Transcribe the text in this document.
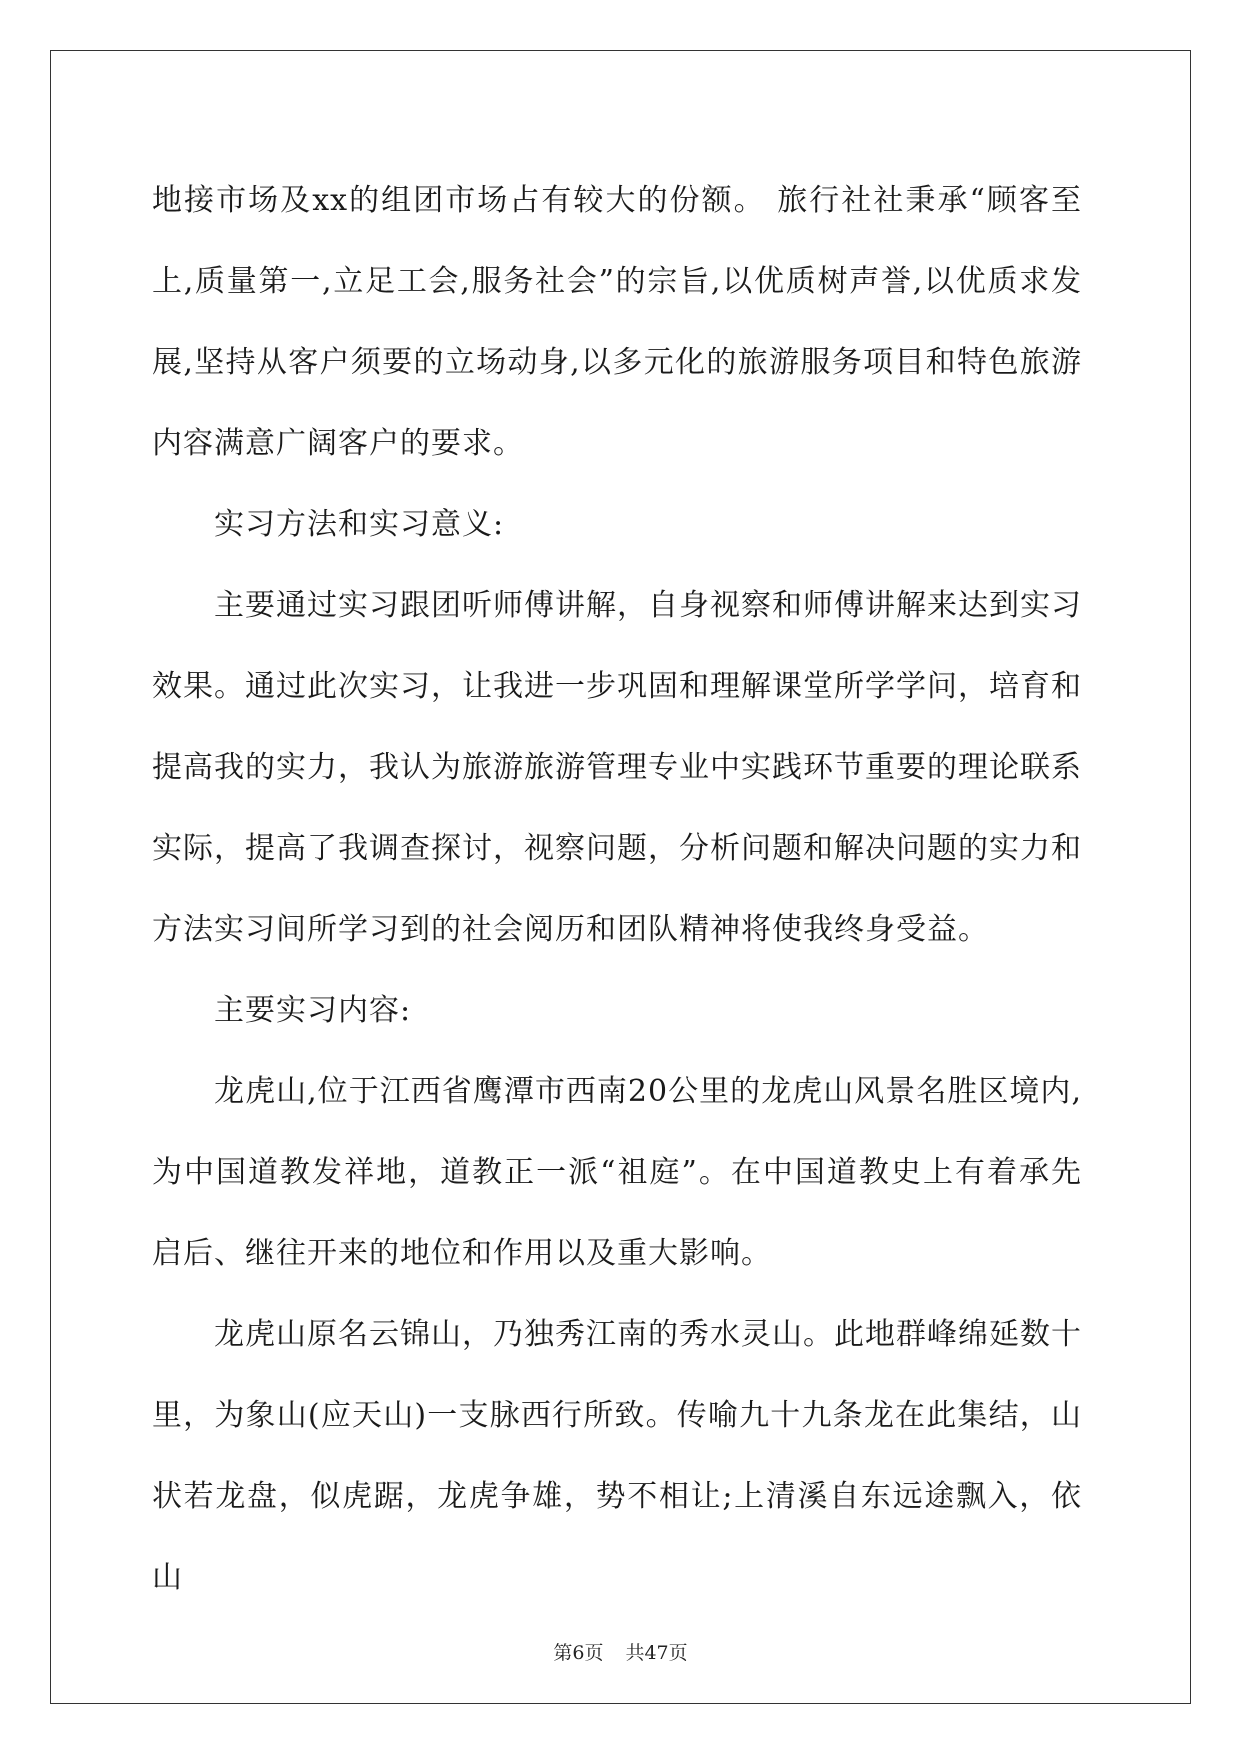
地接市场及xx的组团市场占有较大的份额。 旅行社社秉承“顾客至上,质量第一,立足工会,服务社会”的宗旨,以优质树声誉,以优质求发展,坚持从客户须要的立场动身,以多元化的旅游服务项目和特色旅游内容满意广阔客户的要求。

　　实习方法和实习意义:

　　主要通过实习跟团听师傅讲解，自身视察和师傅讲解来达到实习效果。通过此次实习，让我进一步巩固和理解课堂所学学问，培育和提高我的实力，我认为旅游旅游管理专业中实践环节重要的理论联系实际，提高了我调查探讨，视察问题，分析问题和解决问题的实力和方法实习间所学习到的社会阅历和团队精神将使我终身受益。

　　主要实习内容:

　　龙虎山,位于江西省鹰潭市西南20公里的龙虎山风景名胜区境内,为中国道教发祥地，道教正一派“祖庭”。在中国道教史上有着承先启后、继往开来的地位和作用以及重大影响。

　　龙虎山原名云锦山，乃独秀江南的秀水灵山。此地群峰绵延数十里，为象山(应天山)一支脉西行所致。传喻九十九条龙在此集结，山状若龙盘，似虎踞，龙虎争雄，势不相让;上清溪自东远途飘入，依山

第6页 共47页
